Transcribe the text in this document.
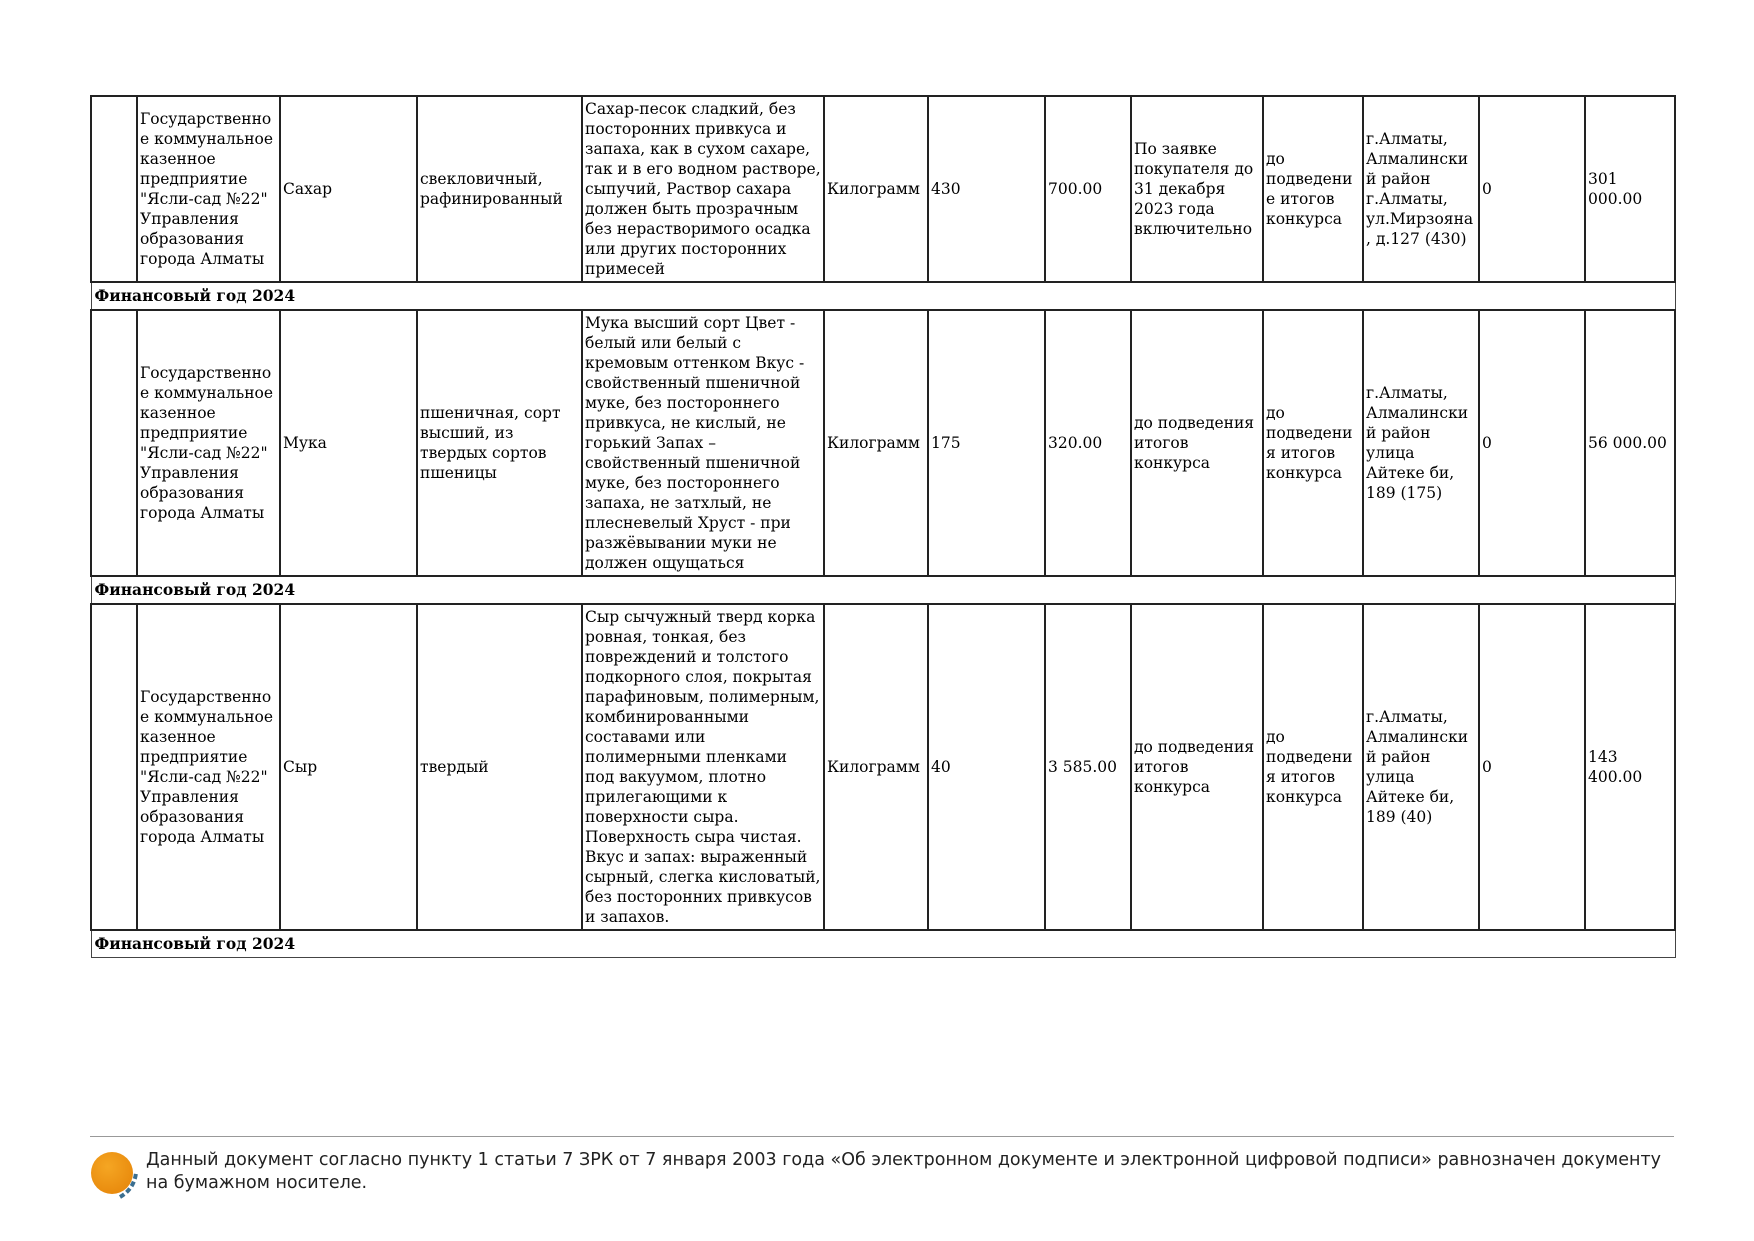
	Государственное коммунальное казенное предприятие "Ясли-сад №22" Управления образования города Алматы	Сахар	свекловичный, рафинированный	Сахар-песок сладкий, без посторонних привкуса и запаха, как в сухом сахаре, так и в его водном растворе, сыпучий, Раствор сахара должен быть прозрачным без нерастворимого осадка или других посторонних примесей	Килограмм	430	700.00	По заявке покупателя до 31 декабря 2023 года включительно	до подведение итогов конкурса	г.Алматы, Алмалинский район г.Алматы, ул.Мирзояна, д.127 (430)	0	301 000.00
Финансовый год 2024												
	Государственное коммунальное казенное предприятие "Ясли-сад №22" Управления образования города Алматы	Мука	пшеничная, сорт высший, из твердых сортов пшеницы	Мука высший сорт Цвет - белый или белый с кремовым оттенком Вкус - свойственный пшеничной муке, без постороннего привкуса, не кислый, не горький Запах – свойственный пшеничной муке, без постороннего запаха, не затхлый, не плесневелый Хруст - при разжёвывании муки не должен ощущаться	Килограмм	175	320.00	до подведения итогов конкурса	до подведения итогов конкурса	г.Алматы, Алмалинский район улица Айтеке би, 189 (175)	0	56 000.00
Финансовый год 2024												
	Государственное коммунальное казенное предприятие "Ясли-сад №22" Управления образования города Алматы	Сыр	твердый	Сыр сычужный тверд корка ровная, тонкая, без повреждений и толстого подкорного слоя, покрытая парафиновым, полимерным, комбинированными составами или полимерными пленками под вакуумом, плотно прилегающими к поверхности сыра. Поверхность сыра чистая. Вкус и запах: выраженный сырный, слегка кисловатый, без посторонних привкусов и запахов.	Килограмм	40	3 585.00	до подведения итогов конкурса	до подведения итогов конкурса	г.Алматы, Алмалинский район улица Айтеке би, 189 (40)	0	143 400.00
Финансовый год 2024												
Данный документ согласно пункту 1 статьи 7 ЗРК от 7 января 2003 года «Об электронном документе и электронной цифровой подписи» равнозначен документу на бумажном носителе.
